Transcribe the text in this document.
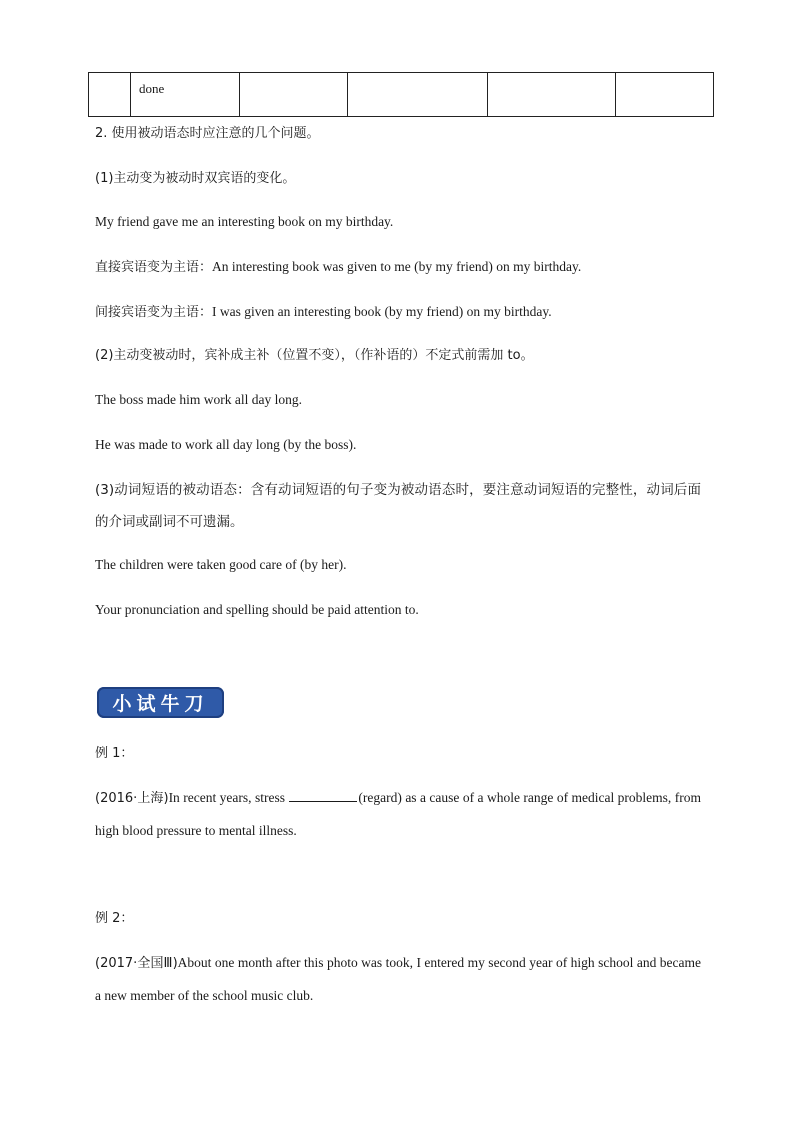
	done				
2. 使用被动语态时应注意的几个问题。
(1)主动变为被动时双宾语的变化。
My friend gave me an interesting book on my birthday.
直接宾语变为主语：An interesting book was given to me (by my friend) on my birthday.
间接宾语变为主语：I was given an interesting book (by my friend) on my birthday.
(2)主动变被动时，宾补成主补（位置不变），（作补语的）不定式前需加 to。
The boss made him work all day long.
He was made to work all day long (by the boss).
(3)动词短语的被动语态：含有动词短语的句子变为被动语态时，要注意动词短语的完整性，动词后面的介词或副词不可遗漏。
The children were taken good care of (by her).
Your pronunciation and spelling should be paid attention to.
小试牛刀
例 1：
(2016·上海)In recent years, stress	(regard) as a cause of a whole range of medical problems, from high blood pressure to mental illness.
例 2：
(2017·全国Ⅲ)About one month after this photo was took, I entered my second year of high school and became a new member of the school music club.
